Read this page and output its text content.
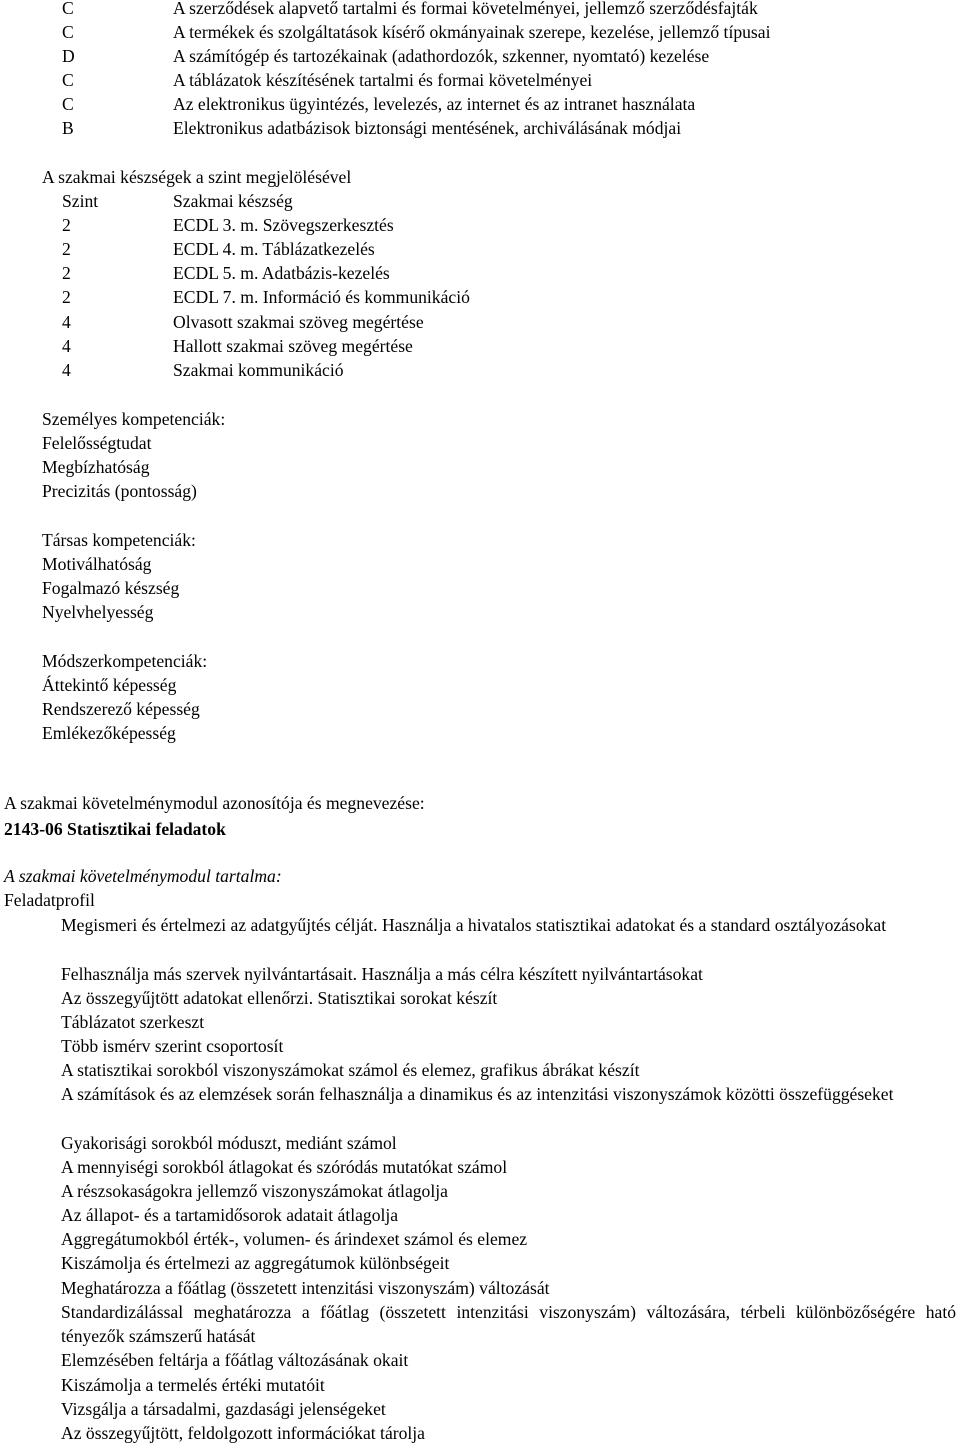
C	A szerződések alapvető tartalmi és formai követelményei, jellemző szerződésfajták
C	A termékek és szolgáltatások kísérő okmányainak szerepe, kezelése, jellemző típusai
D	A számítógép és tartozékainak (adathordozók, szkenner, nyomtató) kezelése
C	A táblázatok készítésének tartalmi és formai követelményei
C	Az elektronikus ügyintézés, levelezés, az internet és az intranet használata
B	Elektronikus adatbázisok biztonsági mentésének, archiválásának módjai
A szakmai készségek a szint megjelölésével
Szint	Szakmai készség
2	ECDL 3. m. Szövegszerkesztés
2	ECDL 4. m. Táblázatkezelés
2	ECDL 5. m. Adatbázis-kezelés
2	ECDL 7. m. Információ és kommunikáció
4	Olvasott szakmai szöveg megértése
4	Hallott szakmai szöveg megértése
4	Szakmai kommunikáció
Személyes kompetenciák:
Felelősségtudat
Megbízhatóság
Precizitás (pontosság)
Társas kompetenciák:
Motiválhatóság
Fogalmazó készség
Nyelvhelyesség
Módszerkompetenciák:
Áttekintő képesség
Rendszerező képesség
Emlékezőképesség
A szakmai követelménymodul azonosítója és megnevezése:
2143-06 Statisztikai feladatok
A szakmai követelménymodul tartalma:
Feladatprofil
Megismeri és értelmezi az adatgyűjtés célját. Használja a hivatalos statisztikai adatokat és a standard osztályozásokat
Felhasználja más szervek nyilvántartásait. Használja a más célra készített nyilvántartásokat
Az összegyűjtött adatokat ellenőrzi. Statisztikai sorokat készít
Táblázatot szerkeszt
Több ismérv szerint csoportosít
A statisztikai sorokból viszonyszámokat számol és elemez, grafikus ábrákat készít
A számítások és az elemzések során felhasználja a dinamikus és az intenzitási viszonyszámok közötti összefüggéseket
Gyakorisági sorokból móduszt, mediánt számol
A mennyiségi sorokból átlagokat és szóródás mutatókat számol
A részsokaságokra jellemző viszonyszámokat átlagolja
Az állapot- és a tartamidősorok adatait átlagolja
Aggregátumokból érték-, volumen- és árindexet számol és elemez
Kiszámolja és értelmezi az aggregátumok különbségeit
Meghatározza a főátlag (összetett intenzitási viszonyszám) változását
Standardizálással meghatározza a főátlag (összetett intenzitási viszonyszám) változására, térbeli különbözőségére ható tényezők számszerű hatását
Elemzésében feltárja a főátlag változásának okait
Kiszámolja a termelés értéki mutatóit
Vizsgálja a társadalmi, gazdasági jelenségeket
Az összegyűjtött, feldolgozott információkat tárolja
